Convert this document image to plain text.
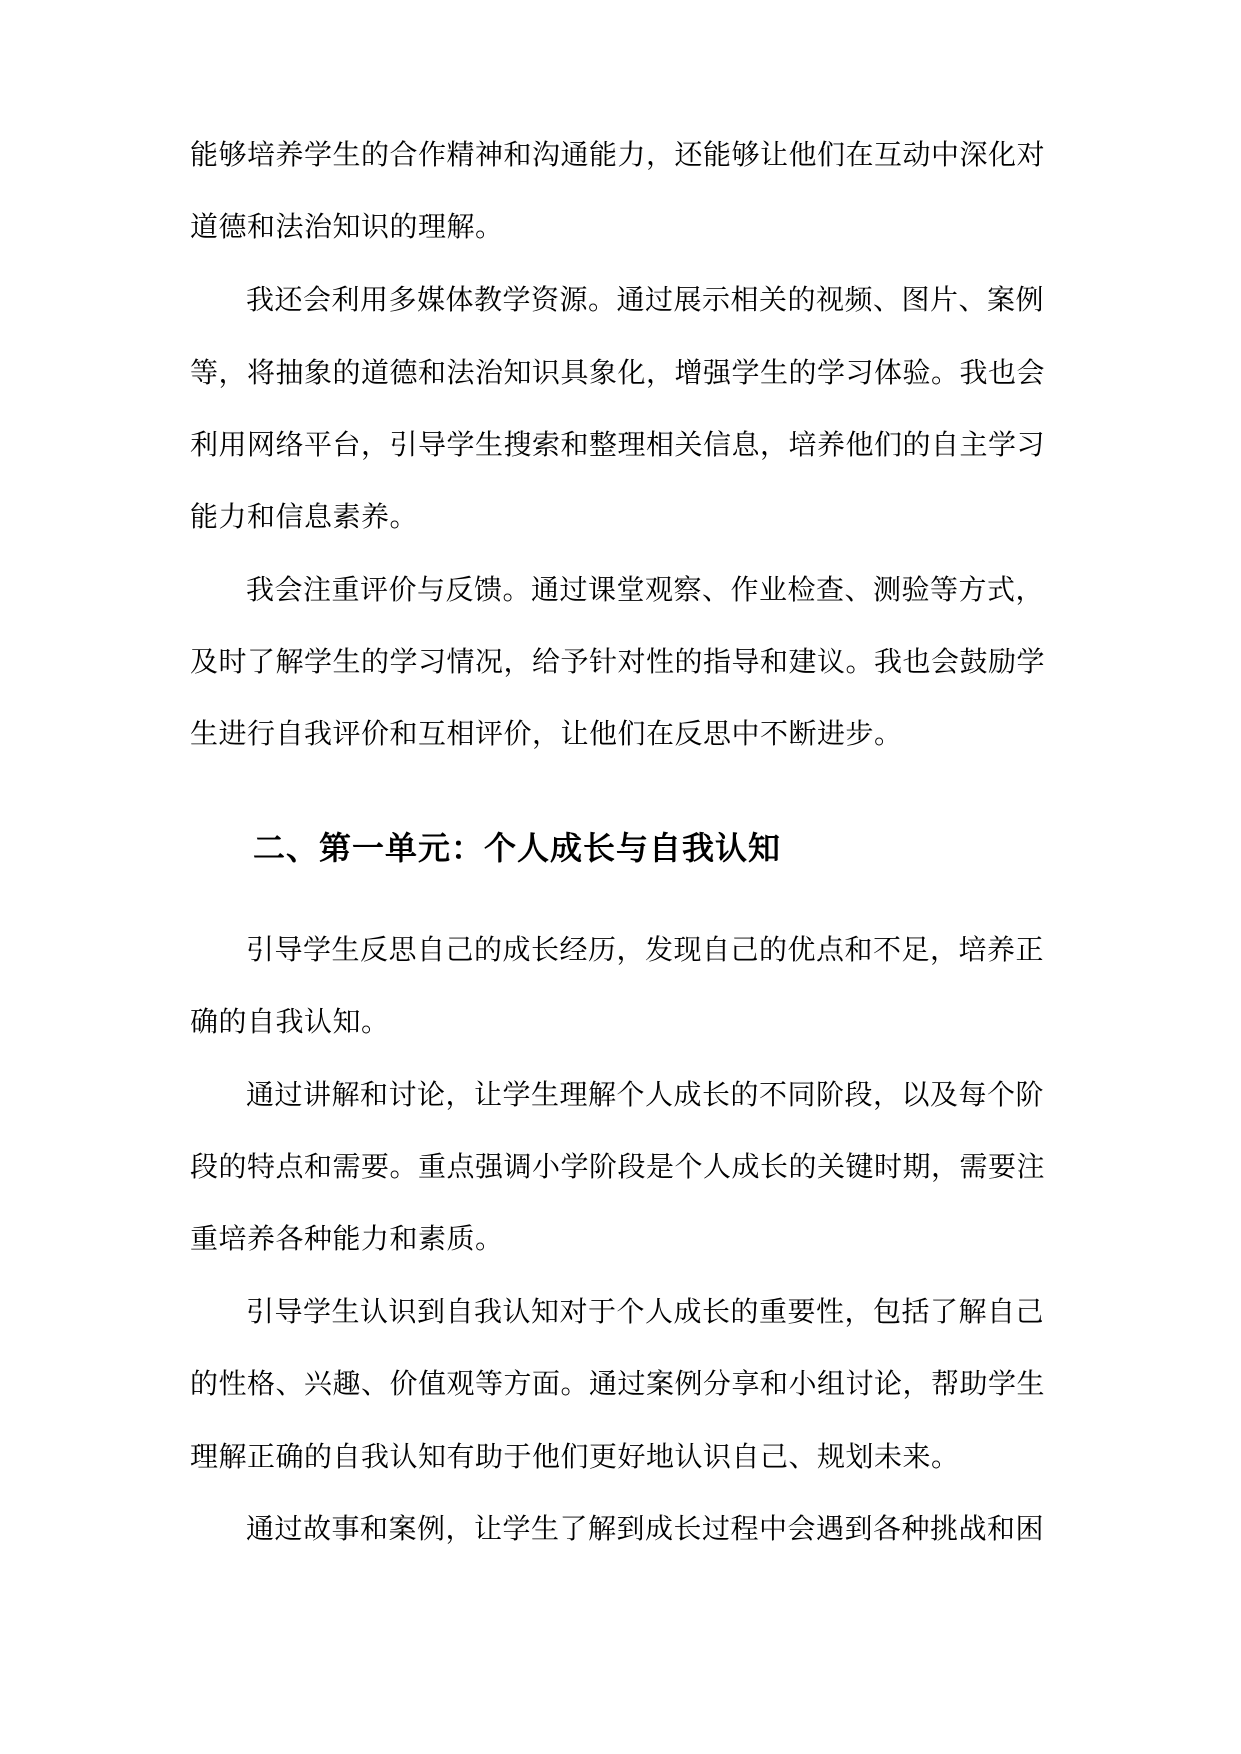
能够培养学生的合作精神和沟通能力，还能够让他们在互动中深化对
道德和法治知识的理解。
我还会利用多媒体教学资源。通过展示相关的视频、图片、案例
等，将抽象的道德和法治知识具象化，增强学生的学习体验。我也会
利用网络平台，引导学生搜索和整理相关信息，培养他们的自主学习
能力和信息素养。
我会注重评价与反馈。通过课堂观察、作业检查、测验等方式，
及时了解学生的学习情况，给予针对性的指导和建议。我也会鼓励学
生进行自我评价和互相评价，让他们在反思中不断进步。
二、第一单元：个人成长与自我认知
引导学生反思自己的成长经历，发现自己的优点和不足，培养正
确的自我认知。
通过讲解和讨论，让学生理解个人成长的不同阶段，以及每个阶
段的特点和需要。重点强调小学阶段是个人成长的关键时期，需要注
重培养各种能力和素质。
引导学生认识到自我认知对于个人成长的重要性，包括了解自己
的性格、兴趣、价值观等方面。通过案例分享和小组讨论，帮助学生
理解正确的自我认知有助于他们更好地认识自己、规划未来。
通过故事和案例，让学生了解到成长过程中会遇到各种挑战和困
